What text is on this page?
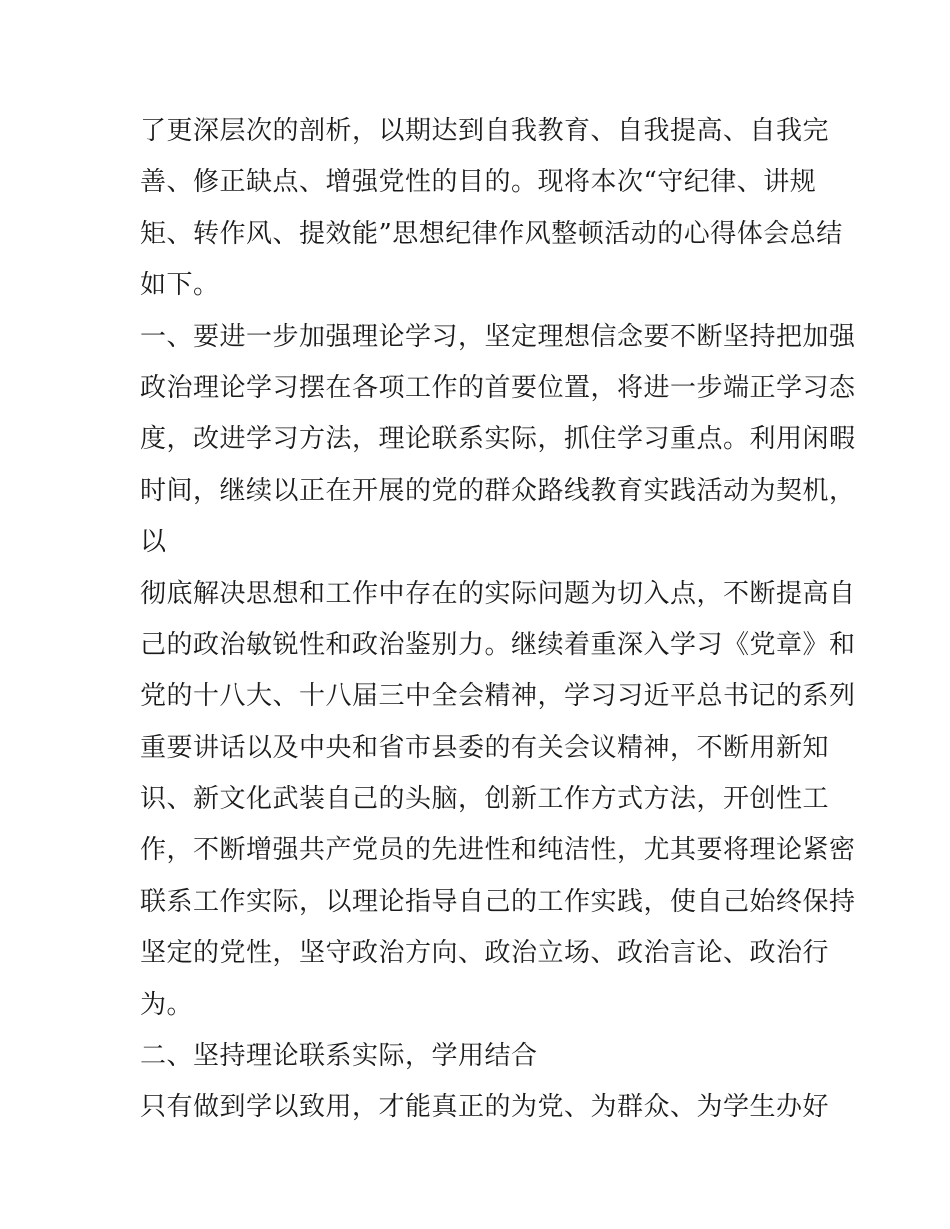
了更深层次的剖析，以期达到自我教育、自我提高、自我完
善、修正缺点、增强党性的目的。现将本次“守纪律、讲规
矩、转作风、提效能”思想纪律作风整顿活动的心得体会总结
如下。
一、要进一步加强理论学习，坚定理想信念要不断坚持把加强
政治理论学习摆在各项工作的首要位置，将进一步端正学习态
度，改进学习方法，理论联系实际，抓住学习重点。利用闲暇
时间，继续以正在开展的党的群众路线教育实践活动为契机，
以
彻底解决思想和工作中存在的实际问题为切入点，不断提高自
己的政治敏锐性和政治鉴别力。继续着重深入学习《党章》和
党的十八大、十八届三中全会精神，学习习近平总书记的系列
重要讲话以及中央和省市县委的有关会议精神，不断用新知
识、新文化武装自己的头脑，创新工作方式方法，开创性工
作，不断增强共产党员的先进性和纯洁性，尤其要将理论紧密
联系工作实际，以理论指导自己的工作实践，使自己始终保持
坚定的党性，坚守政治方向、政治立场、政治言论、政治行
为。
二、坚持理论联系实际，学用结合
只有做到学以致用，才能真正的为党、为群众、为学生办好
